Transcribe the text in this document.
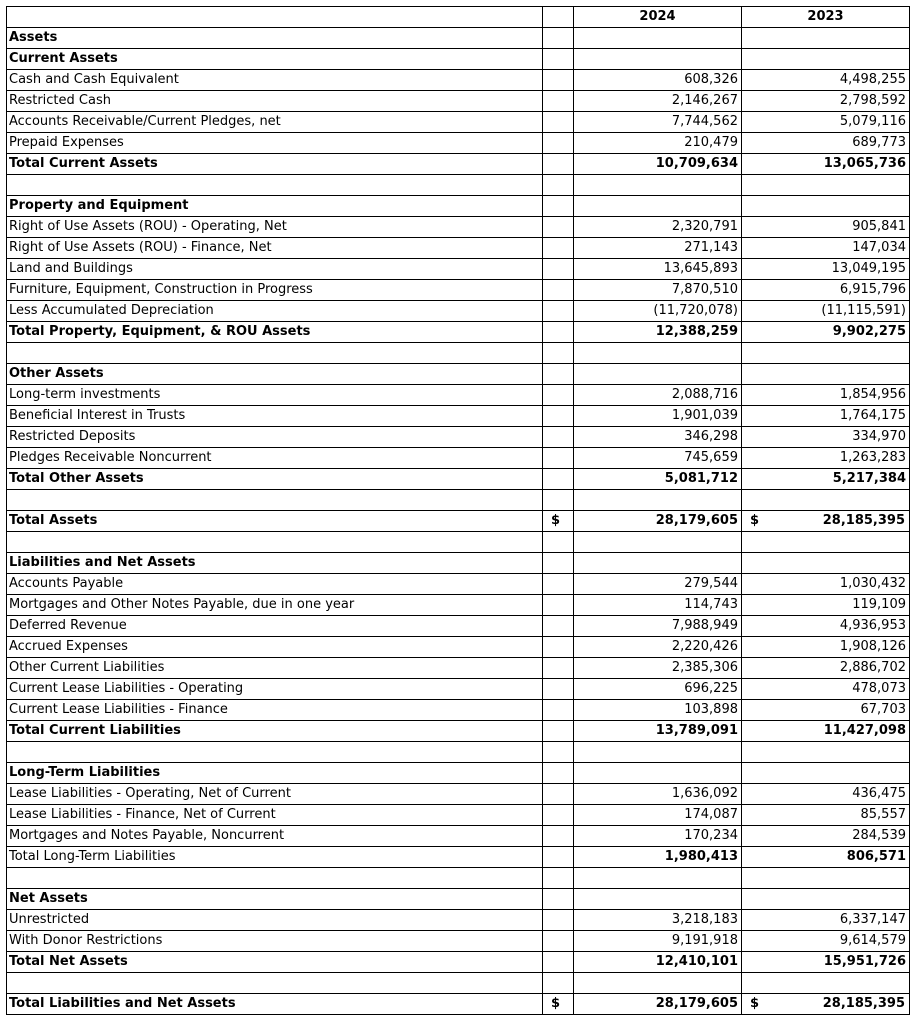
		2024	2023
Assets			
Current Assets			
Cash and Cash Equivalent		608,326	4,498,255
Restricted Cash		2,146,267	2,798,592
Accounts Receivable/Current Pledges, net		7,744,562	5,079,116
Prepaid Expenses		210,479	689,773
Total Current Assets		10,709,634	13,065,736

Property and Equipment			
Right of Use Assets (ROU) - Operating, Net		2,320,791	905,841
Right of Use Assets (ROU) - Finance, Net		271,143	147,034
Land and Buildings		13,645,893	13,049,195
Furniture, Equipment, Construction in Progress		7,870,510	6,915,796
Less Accumulated Depreciation		(11,720,078)	(11,115,591)
Total Property, Equipment, & ROU Assets		12,388,259	9,902,275

Other Assets			
Long-term investments		2,088,716	1,854,956
Beneficial Interest in Trusts		1,901,039	1,764,175
Restricted Deposits		346,298	334,970
Pledges Receivable Noncurrent		745,659	1,263,283
Total Other Assets		5,081,712	5,217,384

Total Assets	$	28,179,605	$ 28,185,395

Liabilities and Net Assets			
Accounts Payable		279,544	1,030,432
Mortgages and Other Notes Payable, due in one year		114,743	119,109
Deferred Revenue		7,988,949	4,936,953
Accrued Expenses		2,220,426	1,908,126
Other Current Liabilities		2,385,306	2,886,702
Current Lease Liabilities - Operating		696,225	478,073
Current Lease Liabilities - Finance		103,898	67,703
Total Current Liabilities		13,789,091	11,427,098

Long-Term Liabilities			
Lease Liabilities - Operating, Net of Current		1,636,092	436,475
Lease Liabilities - Finance, Net of Current		174,087	85,557
Mortgages and Notes Payable, Noncurrent		170,234	284,539
Total Long-Term Liabilities		1,980,413	806,571

Net Assets			
Unrestricted		3,218,183	6,337,147
With Donor Restrictions		9,191,918	9,614,579
Total Net Assets		12,410,101	15,951,726

Total Liabilities and Net Assets	$	28,179,605	$ 28,185,395
